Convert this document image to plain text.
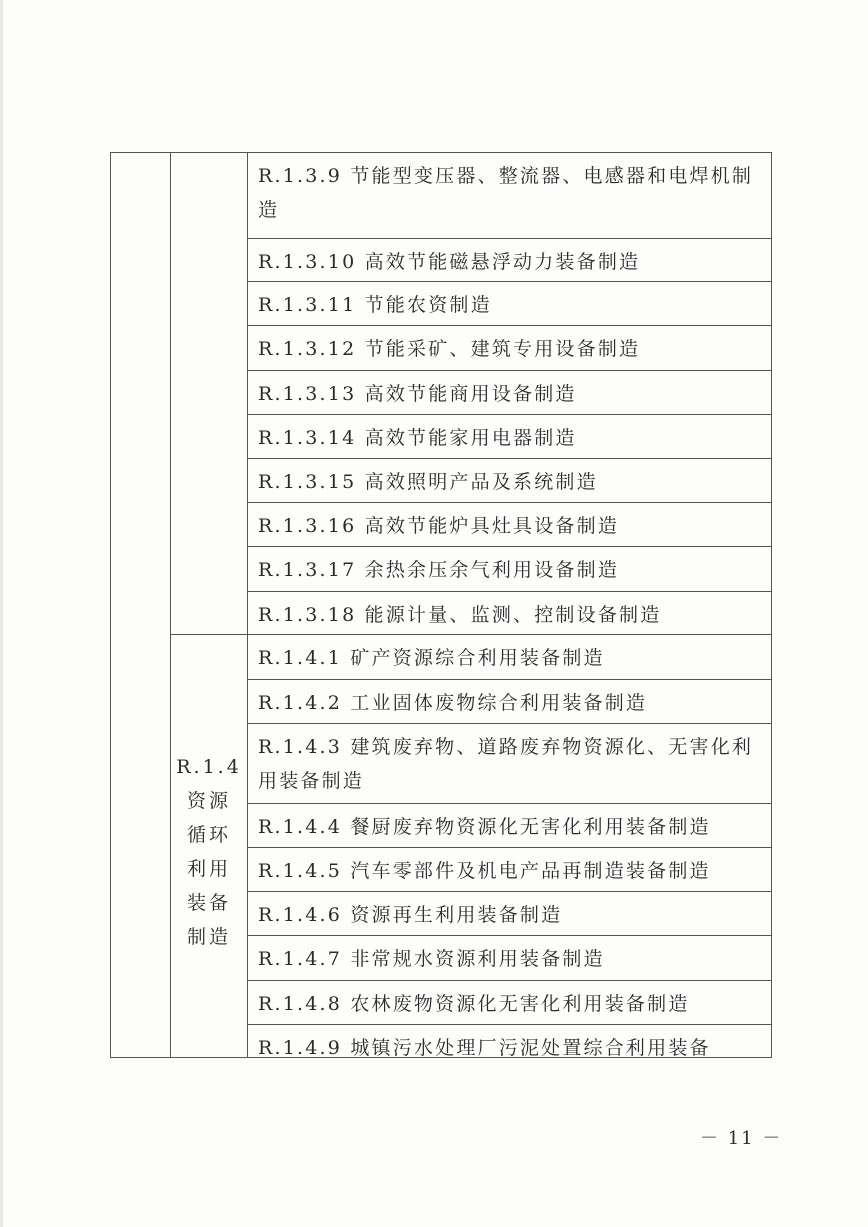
R.1.4
资源
循环
利用
装备
制造
R.1.3.9 节能型变压器、整流器、电感器和电焊机制造
R.1.3.10 高效节能磁悬浮动力装备制造
R.1.3.11 节能农资制造
R.1.3.12 节能采矿、建筑专用设备制造
R.1.3.13 高效节能商用设备制造
R.1.3.14 高效节能家用电器制造
R.1.3.15 高效照明产品及系统制造
R.1.3.16 高效节能炉具灶具设备制造
R.1.3.17 余热余压余气利用设备制造
R.1.3.18 能源计量、监测、控制设备制造
R.1.4.1 矿产资源综合利用装备制造
R.1.4.2 工业固体废物综合利用装备制造
R.1.4.3 建筑废弃物、道路废弃物资源化、无害化利用装备制造
R.1.4.4 餐厨废弃物资源化无害化利用装备制造
R.1.4.5 汽车零部件及机电产品再制造装备制造
R.1.4.6 资源再生利用装备制造
R.1.4.7 非常规水资源利用装备制造
R.1.4.8 农林废物资源化无害化利用装备制造
R.1.4.9 城镇污水处理厂污泥处置综合利用装备
－ 11 －
